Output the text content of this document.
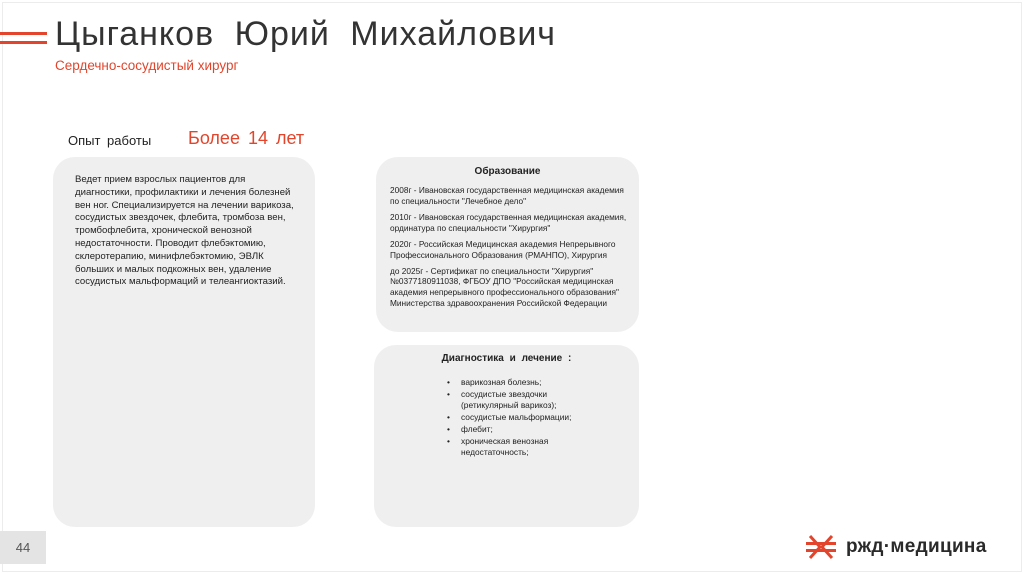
Цыганков Юрий Михайлович
Сердечно-сосудистый хирург
Опыт работы Более 14 лет
Ведет прием взрослых пациентов для диагностики, профилактики и лечения болезней вен ног. Специализируется на лечении варикоза, сосудистых звездочек, флебита, тромбоза вен, тромбофлебита, хронической венозной недостаточности. Проводит флебэктомию, склеротерапию, минифлебэктомию, ЭВЛК больших и малых подкожных вен, удаление сосудистых мальформаций и телеангиоктазий.
Образование
2008г - Ивановская государственная медицинская академия по специальности "Лечебное дело"
2010г - Ивановская государственная медицинская академия, ординатура по специальности "Хирургия"
2020г - Российская Медицинская академия Непрерывного Профессионального Образования (РМАНПО), Хирургия
до 2025г - Сертификат по специальности "Хирургия" №0377180911038, ФГБОУ ДПО "Российская медицинская академия непрерывного профессионального образования" Министерства здравоохранения Российской Федерации
Диагностика и лечение :
• варикозная болезнь;
• сосудистые звездочки (ретикулярный варикоз);
• сосудистые мальформации;
• флебит;
• хроническая венозная недостаточность;
44	ржд·медицина
